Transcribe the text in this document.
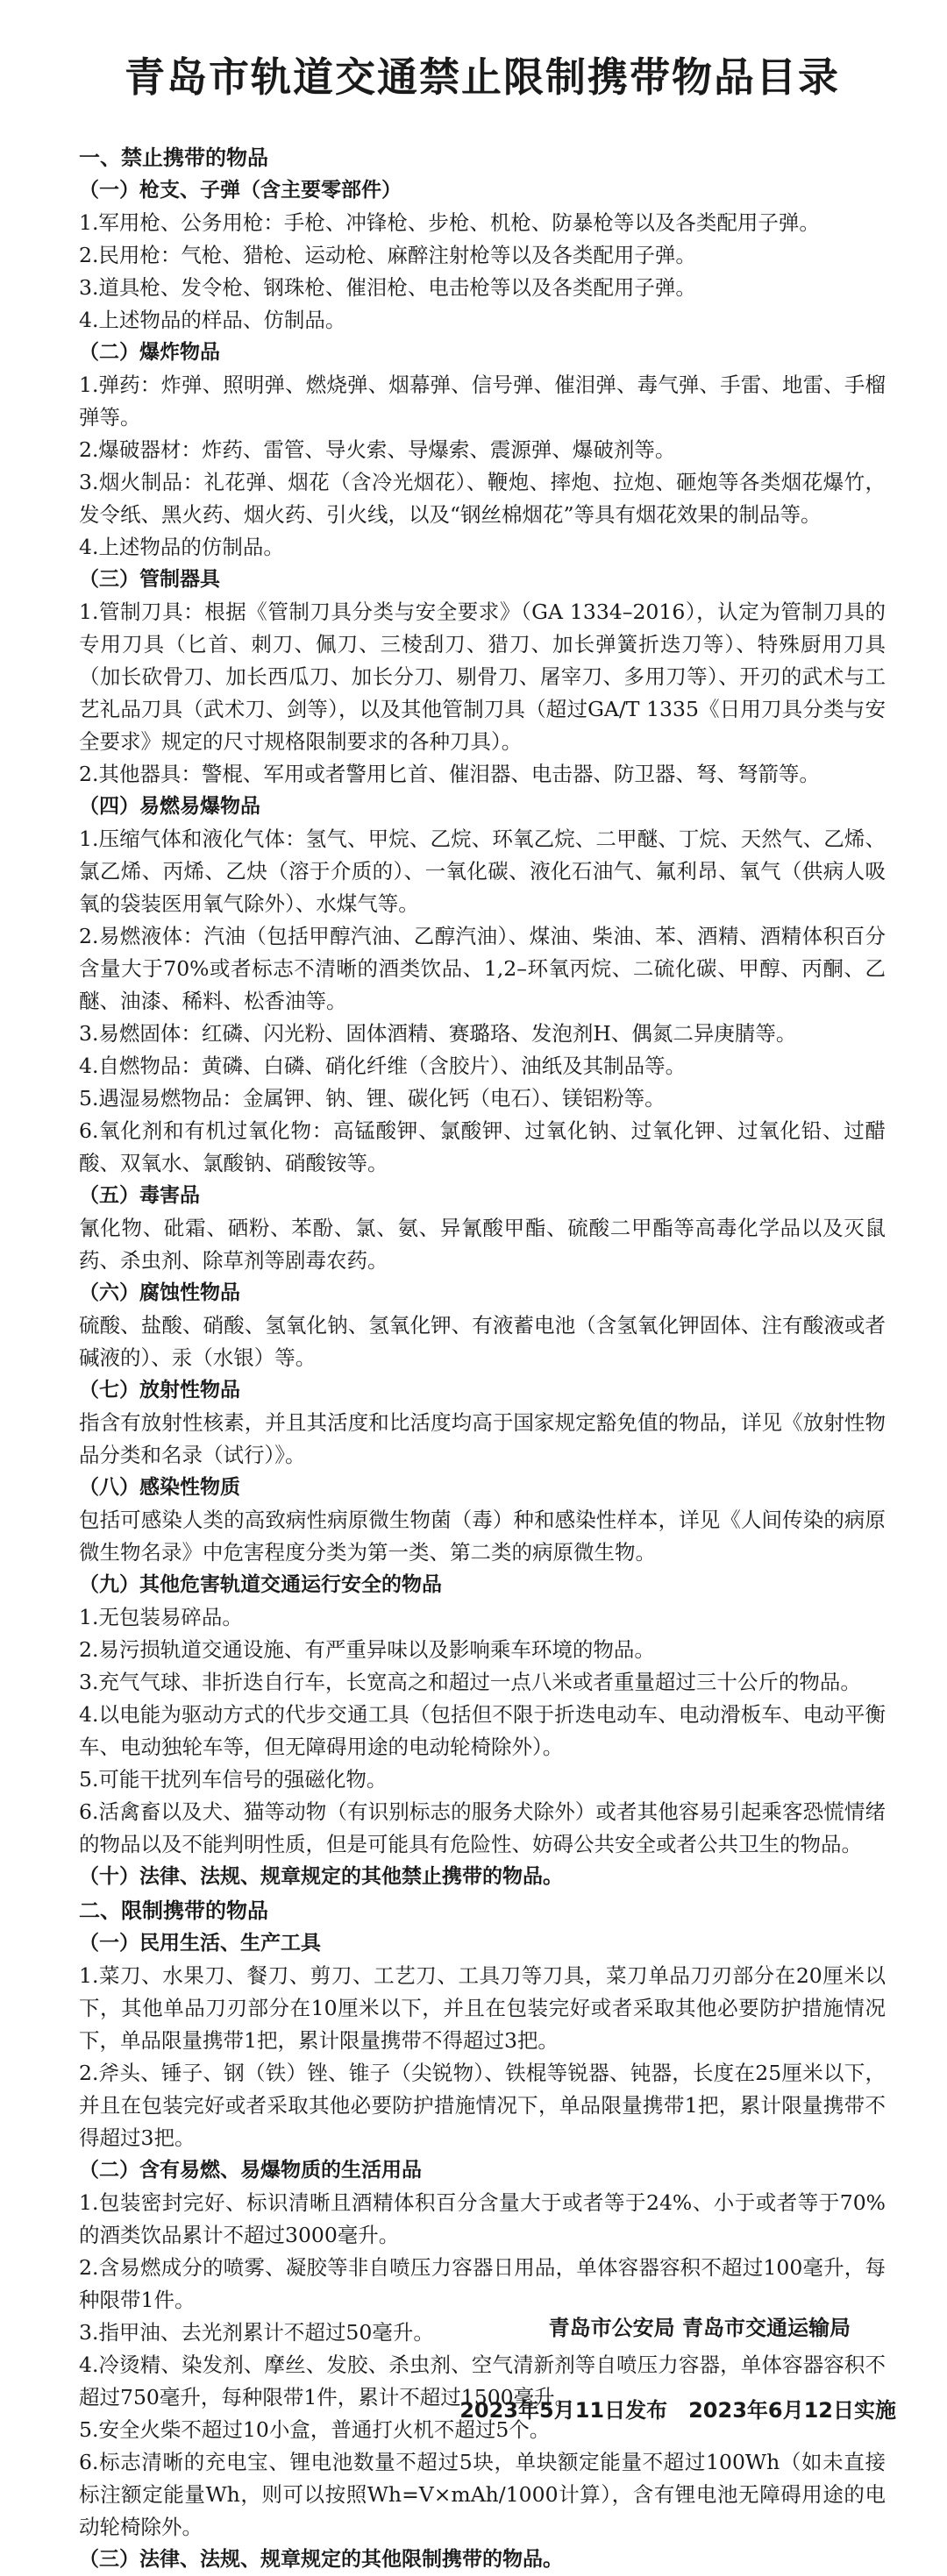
青岛市轨道交通禁止限制携带物品目录
一、禁止携带的物品
（一）枪支、子弹（含主要零部件）

1.军用枪、公务用枪：手枪、冲锋枪、步枪、机枪、防暴枪等以及各类配用子弹。

2.民用枪：气枪、猎枪、运动枪、麻醉注射枪等以及各类配用子弹。

3.道具枪、发令枪、钢珠枪、催泪枪、电击枪等以及各类配用子弹。

4.上述物品的样品、仿制品。

（二）爆炸物品

1.弹药：炸弹、照明弹、燃烧弹、烟幕弹、信号弹、催泪弹、毒气弹、手雷、地雷、手榴弹等。

2.爆破器材：炸药、雷管、导火索、导爆索、震源弹、爆破剂等。

3.烟火制品：礼花弹、烟花（含冷光烟花）、鞭炮、摔炮、拉炮、砸炮等各类烟花爆竹，发令纸、黑火药、烟火药、引火线，以及“钢丝棉烟花”等具有烟花效果的制品等。

4.上述物品的仿制品。

（三）管制器具

1.管制刀具：根据《管制刀具分类与安全要求》（GA 1334–2016），认定为管制刀具的专用刀具（匕首、刺刀、佩刀、三棱刮刀、猎刀、加长弹簧折迭刀等）、特殊厨用刀具（加长砍骨刀、加长西瓜刀、加长分刀、剔骨刀、屠宰刀、多用刀等）、开刃的武术与工艺礼品刀具（武术刀、剑等），以及其他管制刀具（超过GA/T 1335《日用刀具分类与安全要求》规定的尺寸规格限制要求的各种刀具）。

2.其他器具：警棍、军用或者警用匕首、催泪器、电击器、防卫器、弩、弩箭等。

（四）易燃易爆物品

1.压缩气体和液化气体：氢气、甲烷、乙烷、环氧乙烷、二甲醚、丁烷、天然气、乙烯、氯乙烯、丙烯、乙炔（溶于介质的）、一氧化碳、液化石油气、氟利昂、氧气（供病人吸氧的袋装医用氧气除外）、水煤气等。

2.易燃液体：汽油（包括甲醇汽油、乙醇汽油）、煤油、柴油、苯、酒精、酒精体积百分含量大于70%或者标志不清晰的酒类饮品、1,2–环氧丙烷、二硫化碳、甲醇、丙酮、乙醚、油漆、稀料、松香油等。

3.易燃固体：红磷、闪光粉、固体酒精、赛璐珞、发泡剂H、偶氮二异庚腈等。

4.自燃物品：黄磷、白磷、硝化纤维（含胶片）、油纸及其制品等。

5.遇湿易燃物品：金属钾、钠、锂、碳化钙（电石）、镁铝粉等。

6.氧化剂和有机过氧化物：高锰酸钾、氯酸钾、过氧化钠、过氧化钾、过氧化铅、过醋酸、双氧水、氯酸钠、硝酸铵等。

（五）毒害品

氰化物、砒霜、硒粉、苯酚、氯、氨、异氰酸甲酯、硫酸二甲酯等高毒化学品以及灭鼠药、杀虫剂、除草剂等剧毒农药。

（六）腐蚀性物品

硫酸、盐酸、硝酸、氢氧化钠、氢氧化钾、有液蓄电池（含氢氧化钾固体、注有酸液或者碱液的）、汞（水银）等。

（七）放射性物品

指含有放射性核素，并且其活度和比活度均高于国家规定豁免值的物品，详见《放射性物品分类和名录（试行）》。

（八）感染性物质

包括可感染人类的高致病性病原微生物菌（毒）种和感染性样本，详见《人间传染的病原微生物名录》中危害程度分类为第一类、第二类的病原微生物。

（九）其他危害轨道交通运行安全的物品

1.无包装易碎品。

2.易污损轨道交通设施、有严重异味以及影响乘车环境的物品。

3.充气气球、非折迭自行车，长宽高之和超过一点八米或者重量超过三十公斤的物品。

4.以电能为驱动方式的代步交通工具（包括但不限于折迭电动车、电动滑板车、电动平衡车、电动独轮车等，但无障碍用途的电动轮椅除外）。

5.可能干扰列车信号的强磁化物。

6.活禽畜以及犬、猫等动物（有识别标志的服务犬除外）或者其他容易引起乘客恐慌情绪的物品以及不能判明性质，但是可能具有危险性、妨碍公共安全或者公共卫生的物品。

（十）法律、法规、规章规定的其他禁止携带的物品。
二、限制携带的物品
（一）民用生活、生产工具

1.菜刀、水果刀、餐刀、剪刀、工艺刀、工具刀等刀具，菜刀单品刀刃部分在20厘米以下，其他单品刀刃部分在10厘米以下，并且在包装完好或者采取其他必要防护措施情况下，单品限量携带1把，累计限量携带不得超过3把。

2.斧头、锤子、钢（铁）锉、锥子（尖锐物）、铁棍等锐器、钝器，长度在25厘米以下，并且在包装完好或者采取其他必要防护措施情况下，单品限量携带1把，累计限量携带不得超过3把。

（二）含有易燃、易爆物质的生活用品

1.包装密封完好、标识清晰且酒精体积百分含量大于或者等于24%、小于或者等于70%的酒类饮品累计不超过3000毫升。

2.含易燃成分的喷雾、凝胶等非自喷压力容器日用品，单体容器容积不超过100毫升，每种限带1件。

3.指甲油、去光剂累计不超过50毫升。

4.冷烫精、染发剂、摩丝、发胶、杀虫剂、空气清新剂等自喷压力容器，单体容器容积不超过750毫升，每种限带1件，累计不超过1500毫升。

5.安全火柴不超过10小盒，普通打火机不超过5个。

6.标志清晰的充电宝、锂电池数量不超过5块，单块额定能量不超过100Wh（如未直接标注额定能量Wh，则可以按照Wh=V×mAh/1000计算），含有锂电池无障碍用途的电动轮椅除外。

（三）法律、法规、规章规定的其他限制携带的物品。
青岛市公安局 青岛市交通运输局
2023年5月11日发布　2023年6月12日实施
